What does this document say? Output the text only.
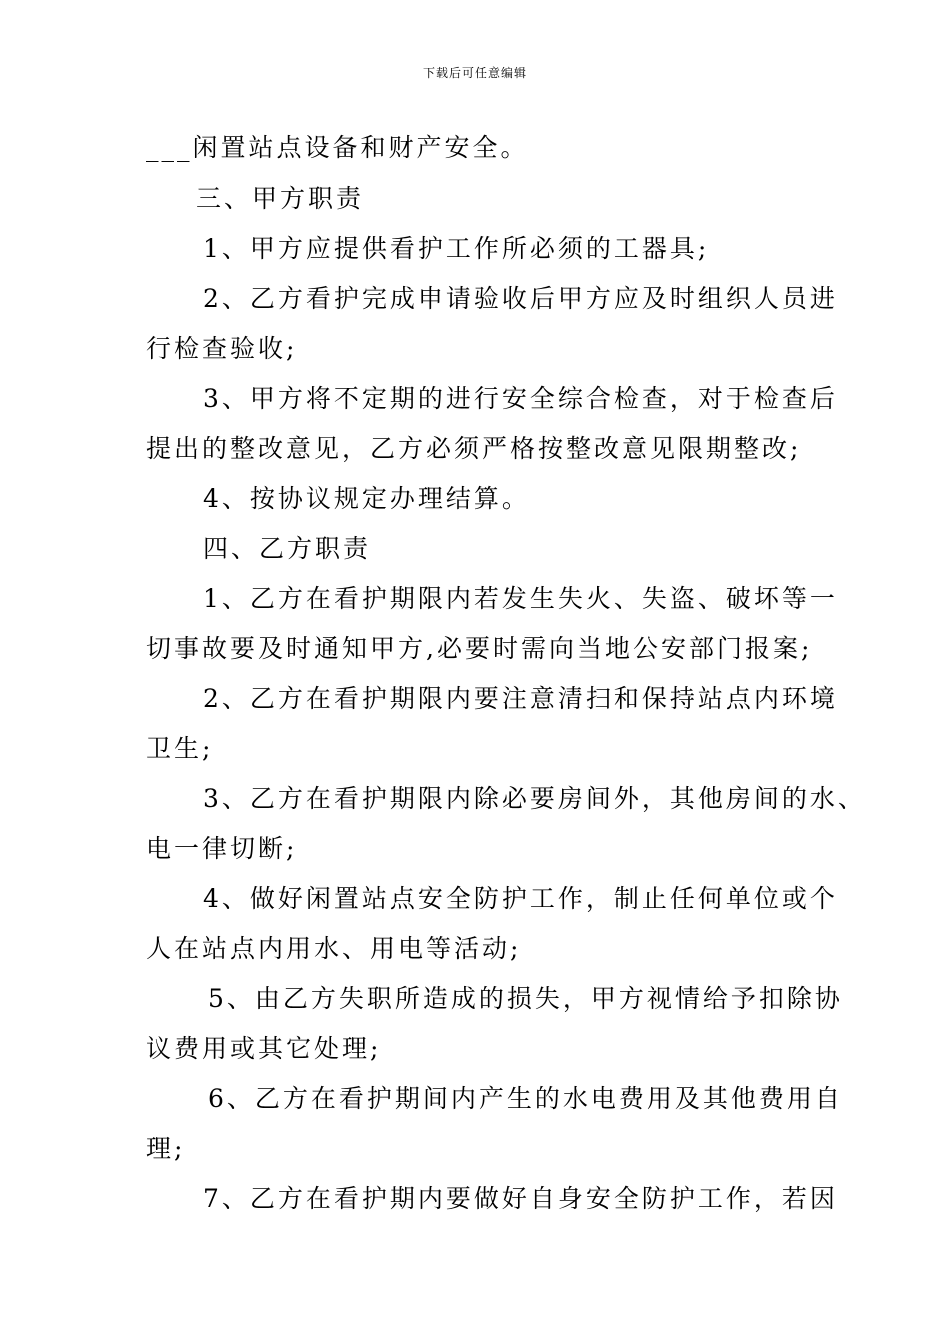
下载后可任意编辑
___闲置站点设备和财产安全。
三、甲方职责
1、甲方应提供看护工作所必须的工器具;
2、乙方看护完成申请验收后甲方应及时组织人员进
行检查验收;
3、甲方将不定期的进行安全综合检查，对于检查后
提出的整改意见，乙方必须严格按整改意见限期整改;
4、按协议规定办理结算。
四、乙方职责
1、乙方在看护期限内若发生失火、失盗、破坏等一
切事故要及时通知甲方,必要时需向当地公安部门报案;
2、乙方在看护期限内要注意清扫和保持站点内环境
卫生;
3、乙方在看护期限内除必要房间外，其他房间的水、
电一律切断;
4、做好闲置站点安全防护工作，制止任何单位或个
人在站点内用水、用电等活动;
5、由乙方失职所造成的损失，甲方视情给予扣除协
议费用或其它处理;
6、乙方在看护期间内产生的水电费用及其他费用自
理;
7、乙方在看护期内要做好自身安全防护工作，若因
